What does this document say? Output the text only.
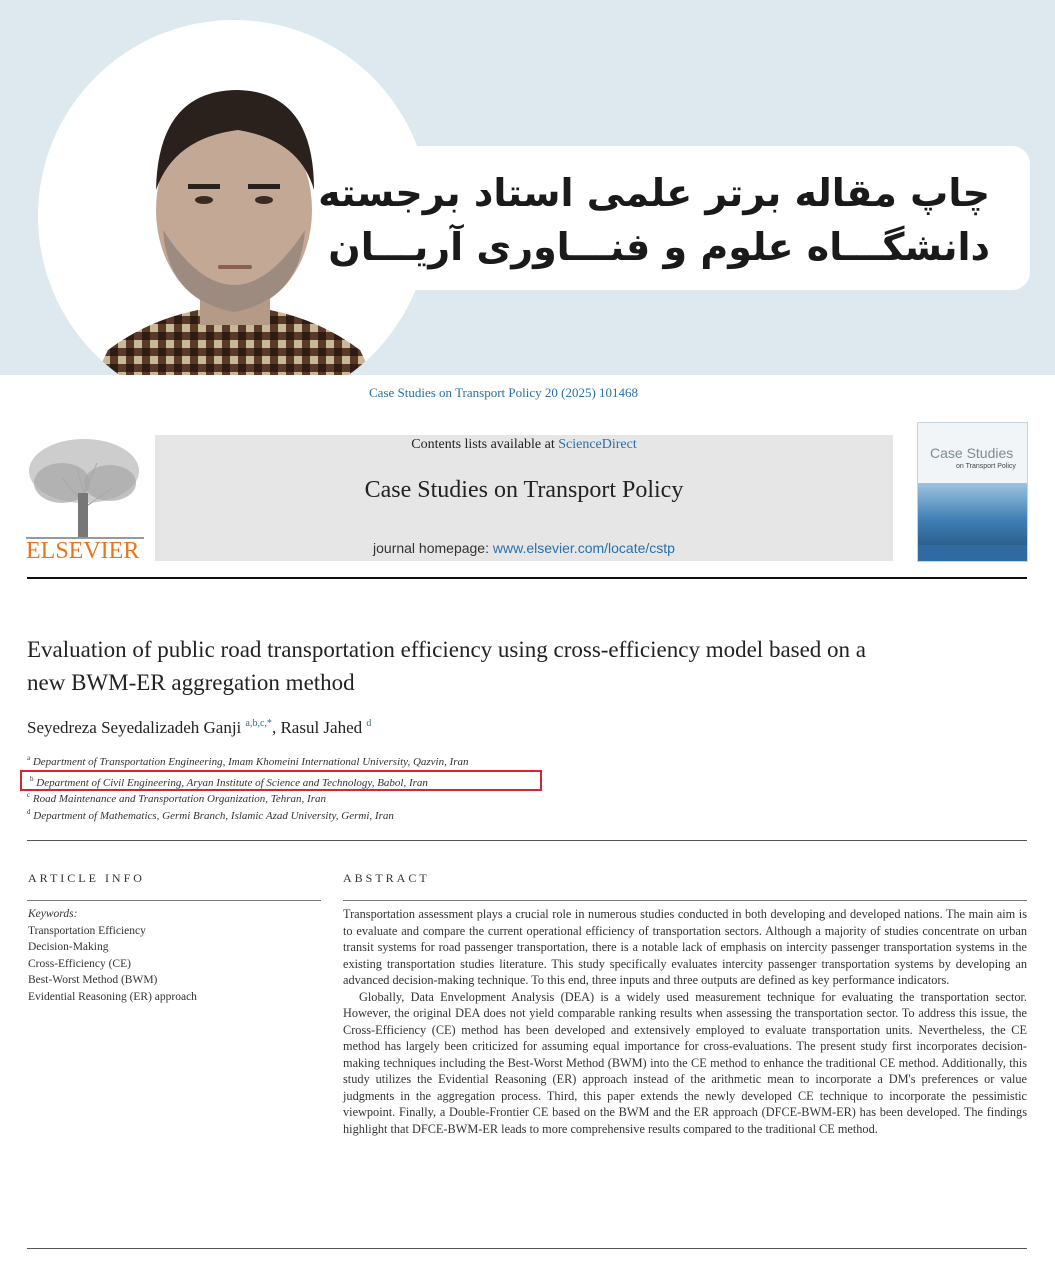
چاپ مقاله برتر علمی استاد برجسته
دانشگـــاه علوم و فنـــاوری آریـــان
Case Studies on Transport Policy 20 (2025) 101468
ELSEVIER
Contents lists available at ScienceDirect
Case Studies on Transport Policy
journal homepage: www.elsevier.com/locate/cstp
Case Studies
on Transport Policy
Evaluation of public road transportation efficiency using cross-efficiency model based on a new BWM-ER aggregation method
Seyedreza Seyedalizadeh Ganji $^{a,b,c,*}$, Rasul Jahed $^d$
$^a$ Department of Transportation Engineering, Imam Khomeini International University, Qazvin, Iran
$^b$ Department of Civil Engineering, Aryan Institute of Science and Technology, Babol, Iran
$^c$ Road Maintenance and Transportation Organization, Tehran, Iran
$^d$ Department of Mathematics, Germi Branch, Islamic Azad University, Germi, Iran
ARTICLE INFO	ABSTRACT
Keywords:
Transportation Efficiency
Decision-Making
Cross-Efficiency (CE)
Best-Worst Method (BWM)
Evidential Reasoning (ER) approach

Transportation assessment plays a crucial role in numerous studies conducted in both developing and developed nations. The main aim is to evaluate and compare the current operational efficiency of transportation sectors. Although a majority of studies concentrate on urban transit systems for road passenger transportation, there is a notable lack of emphasis on intercity passenger transportation systems in the existing transportation studies literature. This study specifically evaluates intercity passenger transportation systems by developing an advanced decision-making technique. To this end, three inputs and three outputs are defined as key performance indicators.

Globally, Data Envelopment Analysis (DEA) is a widely used measurement technique for evaluating the transportation sector. However, the original DEA does not yield comparable ranking results when assessing the transportation sector. To address this issue, the Cross-Efficiency (CE) method has been developed and extensively employed to evaluate transportation units. Nevertheless, the CE method has largely been criticized for assuming equal importance for cross-evaluations. The present study first incorporates decision-making techniques including the Best-Worst Method (BWM) into the CE method to enhance the traditional CE method. Additionally, this study utilizes the Evidential Reasoning (ER) approach instead of the arithmetic mean to incorporate a DM's preferences or value judgments in the aggregation process. Third, this paper extends the newly developed CE technique to incorporate the pessimistic viewpoint. Finally, a Double-Frontier CE based on the BWM and the ER approach (DFCE-BWM-ER) has been developed. The findings highlight that DFCE-BWM-ER leads to more comprehensive results compared to the traditional CE method.
